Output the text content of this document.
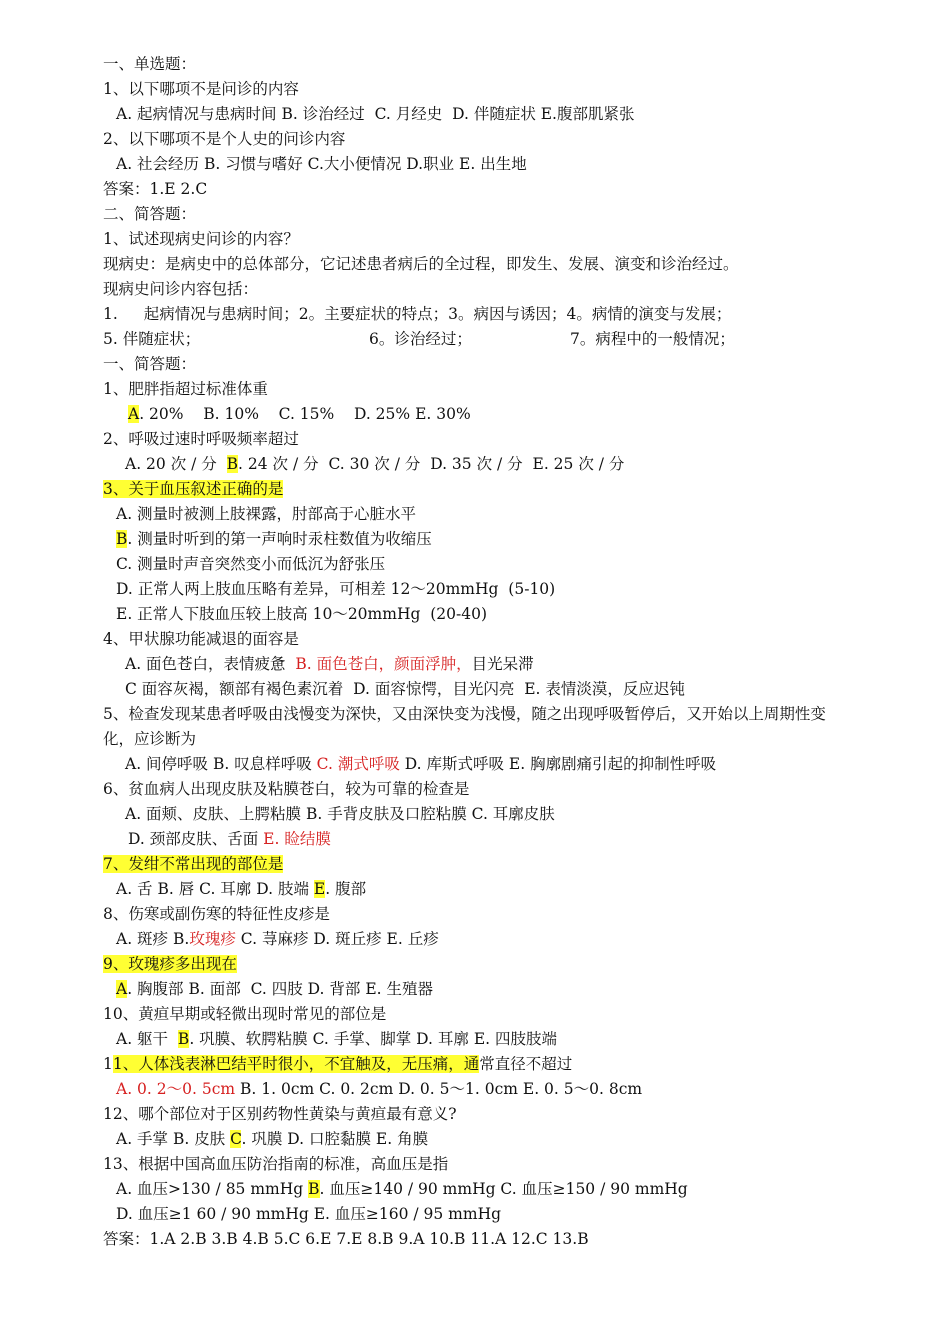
一、单选题：
1、以下哪项不是问诊的内容
A. 起病情况与患病时间 B. 诊治经过  C. 月经史  D. 伴随症状 E.腹部肌紧张
2、以下哪项不是个人史的问诊内容
A. 社会经历 B. 习惯与嗜好 C.大小便情况 D.职业 E. 出生地
答案：1.E 2.C
二、简答题：
1、试述现病史问诊的内容？
现病史：是病史中的总体部分，它记述患者病后的全过程，即发生、发展、演变和诊治经过。
现病史问诊内容包括：
1. 起病情况与患病时间；2。主要症状的特点；3。病因与诱因；4。病情的演变与发展；
5. 伴随症状；	6。诊治经过；	7。病程中的一般情况；
一、简答题：
1、肥胖指超过标准体重
A. 20% B. 10%    C. 15%    D. 25% E. 30%
2、呼吸过速时呼吸频率超过
A. 20 次 / 分 B. 24 次 / 分  C. 30 次 / 分  D. 35 次 / 分  E. 25 次 / 分
3、关于血压叙述正确的是
A. 测量时被测上肢裸露，肘部高于心脏水平
B. 测量时听到的第一声响时汞柱数值为收缩压
C. 测量时声音突然变小而低沉为舒张压
D. 正常人两上肢血压略有差异，可相差 12～20mmHg  (5-10)
E. 正常人下肢血压较上肢高 10～20mmHg  (20-40)
4、甲状腺功能减退的面容是
A. 面色苍白，表情疲惫 B. 面色苍白，颜面浮肿，目光呆滞
C 面容灰褐，额部有褐色素沉着  D. 面容惊愕，目光闪亮  E. 表情淡漠，反应迟钝
5、检查发现某患者呼吸由浅慢变为深快，又由深快变为浅慢，随之出现呼吸暂停后，又开始以上周期性变化，应诊断为
A. 间停呼吸 B. 叹息样呼吸 C. 潮式呼吸 D. 库斯式呼吸 E. 胸廓剧痛引起的抑制性呼吸
6、贫血病人出现皮肤及粘膜苍白，较为可靠的检查是
A. 面颊、皮肤、上腭粘膜 B. 手背皮肤及口腔粘膜 C. 耳廓皮肤
D. 颈部皮肤、舌面 E. 睑结膜
7、发绀不常出现的部位是
A. 舌 B. 唇 C. 耳廓 D. 肢端 E. 腹部
8、伤寒或副伤寒的特征性皮疹是
A. 斑疹 B.玫瑰疹 C. 荨麻疹 D. 斑丘疹 E. 丘疹
9、玫瑰疹多出现在
A. 胸腹部 B. 面部  C. 四肢 D. 背部 E. 生殖器
10、黄疸早期或轻微出现时常见的部位是
A. 躯干 B. 巩膜、软腭粘膜 C. 手掌、脚掌 D. 耳廓 E. 四肢肢端
11、人体浅表淋巴结平时很小，不宜触及，无压痛，通常直径不超过
A. 0. 2～0. 5cm B. 1. 0cm C. 0. 2cm D. 0. 5～1. 0cm E. 0. 5～0. 8cm
12、哪个部位对于区别药物性黄染与黄疸最有意义?
A. 手掌 B. 皮肤 C. 巩膜 D. 口腔黏膜 E. 角膜
13、根据中国高血压防治指南的标准，高血压是指
A. 血压>130 / 85 mmHg B. 血压≥140 / 90 mmHg C. 血压≥150 / 90 mmHg
D. 血压≥1 60 / 90 mmHg E. 血压≥160 / 95 mmHg
答案：1.A 2.B 3.B 4.B 5.C 6.E 7.E 8.B 9.A 10.B 11.A 12.C 13.B
